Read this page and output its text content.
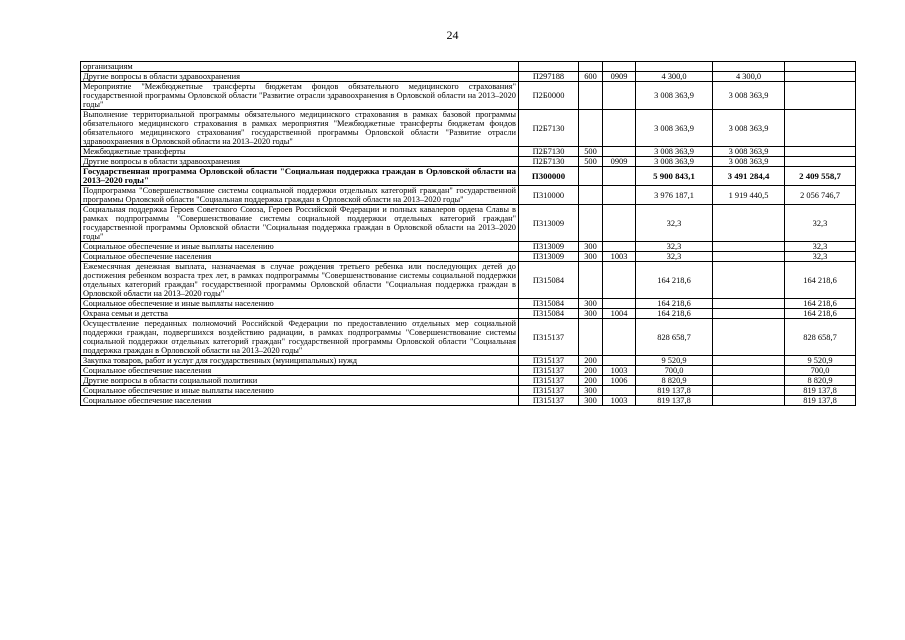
24
организациям						
Другие вопросы в области здравоохранения	П297188	600	0909	4 300,0	4 300,0	
Мероприятие "Межбюджетные трансферты бюджетам фондов обязательного медицинского страхования" государственной программы Орловской области "Развитие отрасли здравоохранения в Орловской области на 2013–2020 годы"	П2Б0000			3 008 363,9	3 008 363,9	
Выполнение территориальной программы обязательного медицинского страхования в рамках базовой программы обязательного медицинского страхования в рамках мероприятия "Межбюджетные трансферты бюджетам фондов обязательного медицинского страхования" государственной программы Орловской области "Развитие отрасли здравоохранения в Орловской области на 2013–2020 годы"	П2Б7130			3 008 363,9	3 008 363,9	
Межбюджетные трансферты	П2Б7130	500		3 008 363,9	3 008 363,9	
Другие вопросы в области здравоохранения	П2Б7130	500	0909	3 008 363,9	3 008 363,9	
Государственная программа Орловской области "Социальная поддержка граждан в Орловской области на 2013–2020 годы"	П300000			5 900 843,1	3 491 284,4	2 409 558,7
Подпрограмма "Совершенствование системы социальной поддержки отдельных категорий граждан" государственной программы Орловской области "Социальная поддержка граждан в Орловской области на 2013–2020 годы"	П310000			3 976 187,1	1 919 440,5	2 056 746,7
Социальная поддержка Героев Советского Союза, Героев Российской Федерации и полных кавалеров ордена Славы в рамках подпрограммы "Совершенствование системы социальной поддержки отдельных категорий граждан" государственной программы Орловской области "Социальная поддержка граждан в Орловской области на 2013–2020 годы"	П313009			32,3		32,3
Социальное обеспечение и иные выплаты населению	П313009	300		32,3		32,3
Социальное обеспечение населения	П313009	300	1003	32,3		32,3
Ежемесячная денежная выплата, назначаемая в случае рождения третьего ребенка или последующих детей до достижения ребенком возраста трех лет, в рамках подпрограммы "Совершенствование системы социальной поддержки отдельных категорий граждан" государственной программы Орловской области "Социальная поддержка граждан в Орловской области на 2013–2020 годы"	П315084			164 218,6		164 218,6
Социальное обеспечение и иные выплаты населению	П315084	300		164 218,6		164 218,6
Охрана семьи и детства	П315084	300	1004	164 218,6		164 218,6
Осуществление переданных полномочий Российской Федерации по предоставлению отдельных мер социальной поддержки граждан, подвергшихся воздействию радиации, в рамках подпрограммы "Совершенствование системы социальной поддержки отдельных категорий граждан" государственной программы Орловской области "Социальная поддержка граждан в Орловской области на 2013–2020 годы"	П315137			828 658,7		828 658,7
Закупка товаров, работ и услуг для государственных (муниципальных) нужд	П315137	200		9 520,9		9 520,9
Социальное обеспечение населения	П315137	200	1003	700,0		700,0
Другие вопросы в области социальной политики	П315137	200	1006	8 820,9		8 820,9
Социальное обеспечение и иные выплаты населению	П315137	300		819 137,8		819 137,8
Социальное обеспечение населения	П315137	300	1003	819 137,8		819 137,8
